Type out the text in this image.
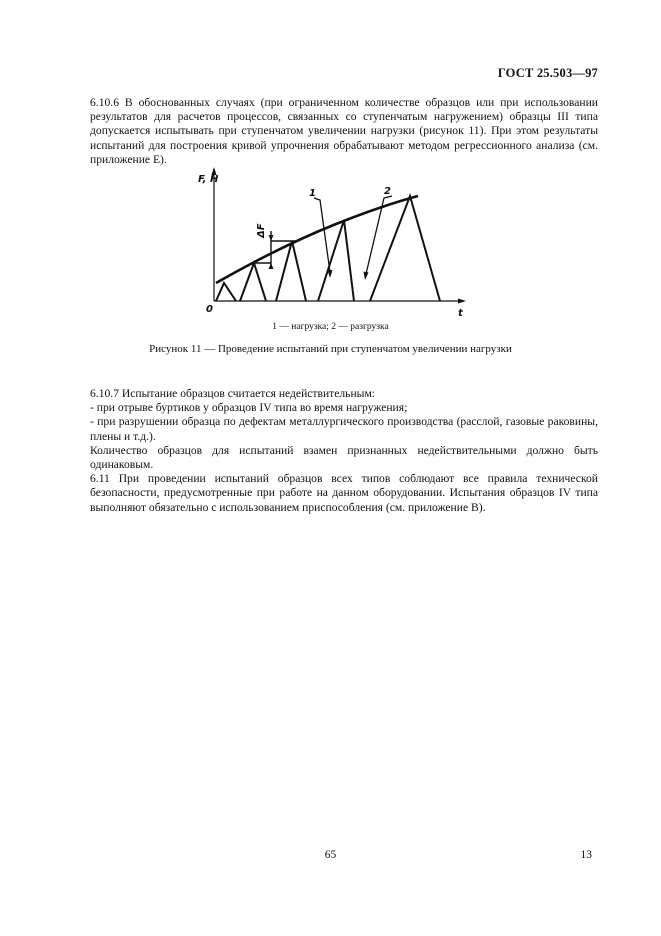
ГОСТ 25.503—97

6.10.6 В обоснованных случаях (при ограниченном количестве образцов или при использовании результатов для расчетов процессов, связанных со ступенчатым нагружением) образцы III типа допускается испытывать при ступенчатом увеличении нагрузки (рисунок 11). При этом результаты испытаний для построения кривой упрочнения обрабатывают методом регрессионного анализа (см. приложение Е).

ΔF
F, H
t
0
1	2
1 — нагрузка; 2 — разгрузка
Рисунок 11 — Проведение испытаний при ступенчатом увеличении нагрузки

6.10.7 Испытание образцов считается недействительным:

- при отрыве буртиков у образцов IV типа во время нагружения;

- при разрушении образца по дефектам металлургического производства (расслой, газовые раковины, плены и т.д.).

Количество образцов для испытаний взамен признанных недействительными должно быть одинаковым.

6.11 При проведении испытаний образцов всех типов соблюдают все правила технической безопасности, предусмотренные при работе на данном оборудовании. Испытания образцов IV типа выполняют обязательно с использованием приспособления (см. приложение В).

65	13
